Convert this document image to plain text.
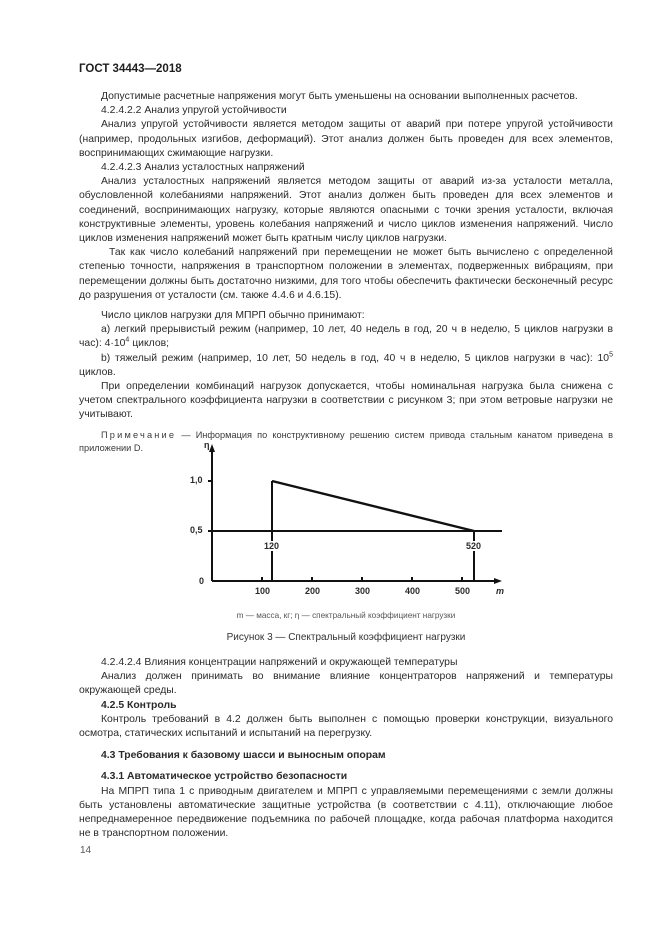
ГОСТ 34443—2018

Допустимые расчетные напряжения могут быть уменьшены на основании выполненных расчетов.

4.2.4.2.2 Анализ упругой устойчивости

Анализ упругой устойчивости является методом защиты от аварий при потере упругой устойчивости (например, продольных изгибов, деформаций). Этот анализ должен быть проведен для всех элементов, воспринимающих сжимающие нагрузки.

4.2.4.2.3 Анализ усталостных напряжений

Анализ усталостных напряжений является методом защиты от аварий из-за усталости металла, обусловленной колебаниями напряжений. Этот анализ должен быть проведен для всех элементов и соединений, воспринимающих нагрузку, которые являются опасными с точки зрения усталости, включая конструктивные элементы, уровень колебания напряжений и число циклов изменения напряжений. Число циклов изменения напряжений может быть кратным числу циклов нагрузки.

Так как число колебаний напряжений при перемещении не может быть вычислено с определенной степенью точности, напряжения в транспортном положении в элементах, подверженных вибрациям, при перемещении должны быть достаточно низкими, для того чтобы обеспечить фактически бесконечный ресурс до разрушения от усталости (см. также 4.4.6 и 4.6.15).

Число циклов нагрузки для МПРП обычно принимают:

a) легкий прерывистый режим (например, 10 лет, 40 недель в год, 20 ч в неделю, 5 циклов нагрузки в час): $4\cdot 10^4$ циклов;

b) тяжелый режим (например, 10 лет, 50 недель в год, 40 ч в неделю, 5 циклов нагрузки в час): $10^5$ циклов.

При определении комбинаций нагрузок допускается, чтобы номинальная нагрузка была снижена с учетом спектрального коэффициента нагрузки в соответствии с рисунком 3; при этом ветровые нагрузки не учитывают.

Примечание — Информация по конструктивному решению систем привода стальным канатом приведена в приложении D.	η
1,0
0,5
0
120	520
100	200	300	400	500	m
m — масса, кг; η — спектральный коэффициент нагрузки
Рисунок 3 — Спектральный коэффициент нагрузки

4.2.4.2.4 Влияния концентрации напряжений и окружающей температуры

Анализ должен принимать во внимание влияние концентраторов напряжений и температуры окружающей среды.

4.2.5 Контроль

Контроль требований в 4.2 должен быть выполнен с помощью проверки конструкции, визуального осмотра, статических испытаний и испытаний на перегрузку.

4.3 Требования к базовому шасси и выносным опорам

4.3.1 Автоматическое устройство безопасности

На МПРП типа 1 с приводным двигателем и МПРП с управляемыми перемещениями с земли должны быть установлены автоматические защитные устройства (в соответствии с 4.11), отключающие любое непреднамеренное передвижение подъемника по рабочей площадке, когда рабочая платформа находится не в транспортном положении.

14
